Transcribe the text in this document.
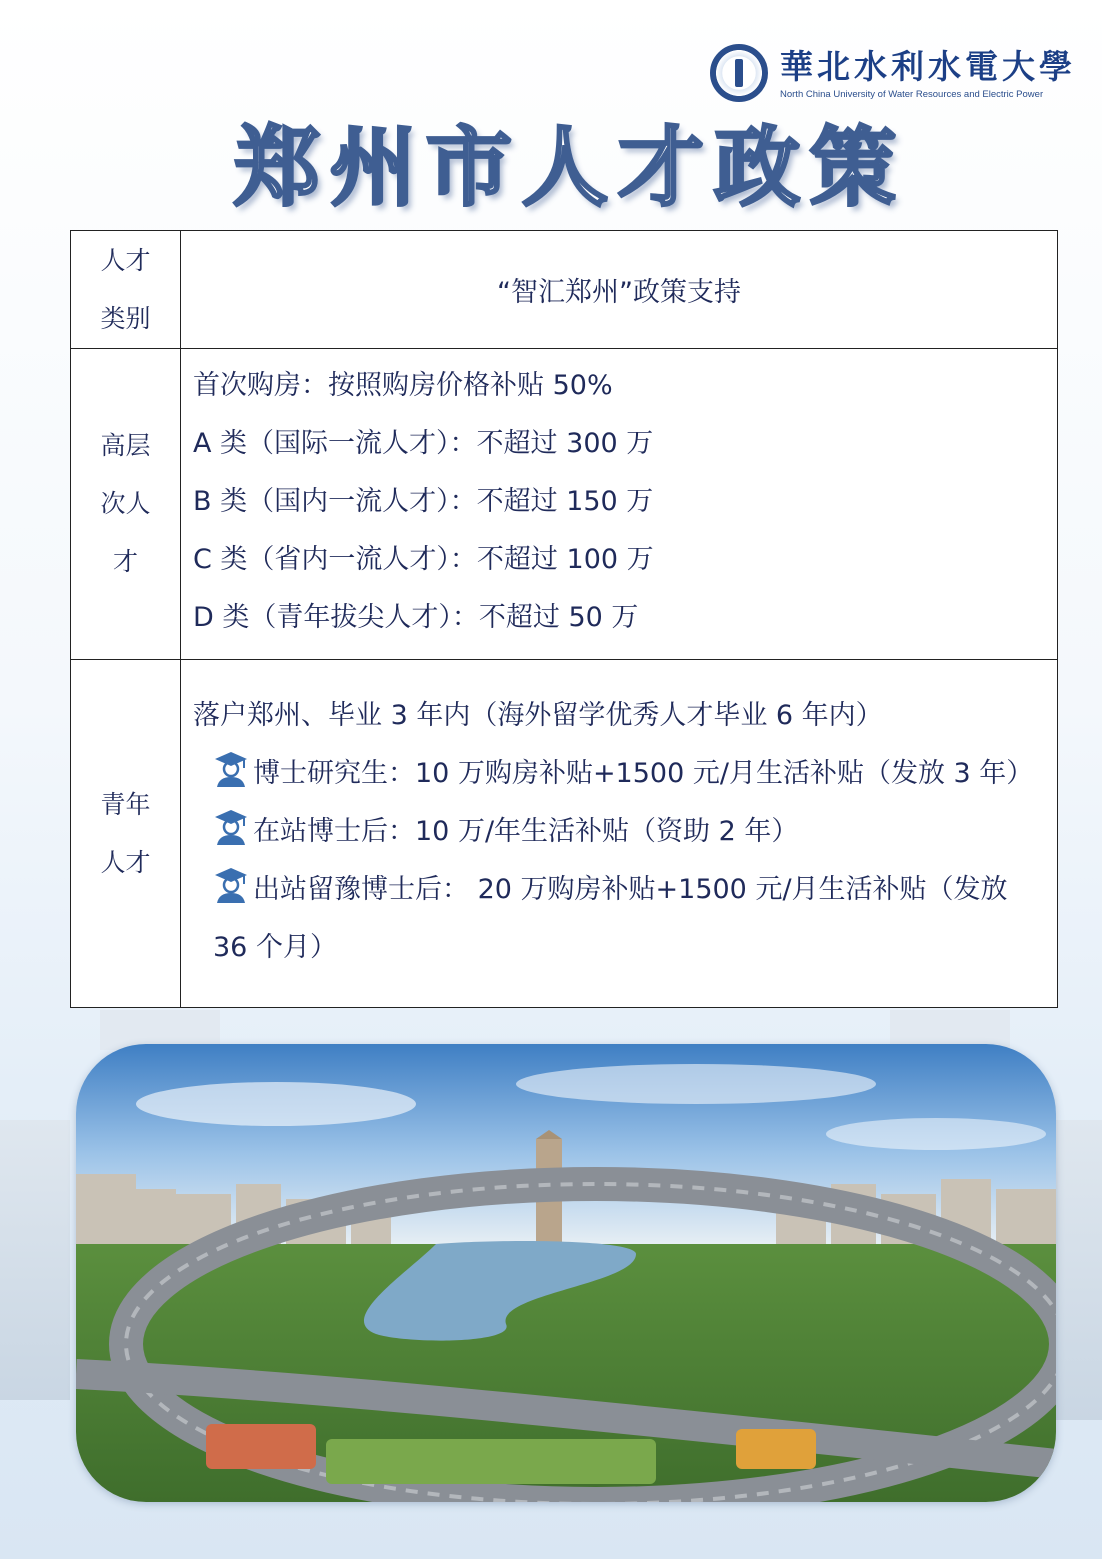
華北水利水電大學
North China University of Water Resources and Electric Power
郑州市人才政策
人才类别	“智汇郑州”政策支持
高层次人才	首次购房：按照购房价格补贴 50%
A 类（国际一流人才）：不超过 300 万
B 类（国内一流人才）：不超过 150 万
C 类（省内一流人才）：不超过 100 万
D 类（青年拔尖人才）：不超过 50 万

青年人才	落户郑州、毕业 3 年内（海外留学优秀人才毕业 6 年内）
博士研究生：10 万购房补贴+1500 元/月生活补贴（发放 3 年）
在站博士后：10 万/年生活补贴（资助 2 年）
出站留豫博士后： 20 万购房补贴+1500 元/月生活补贴（发放 36 个月）
